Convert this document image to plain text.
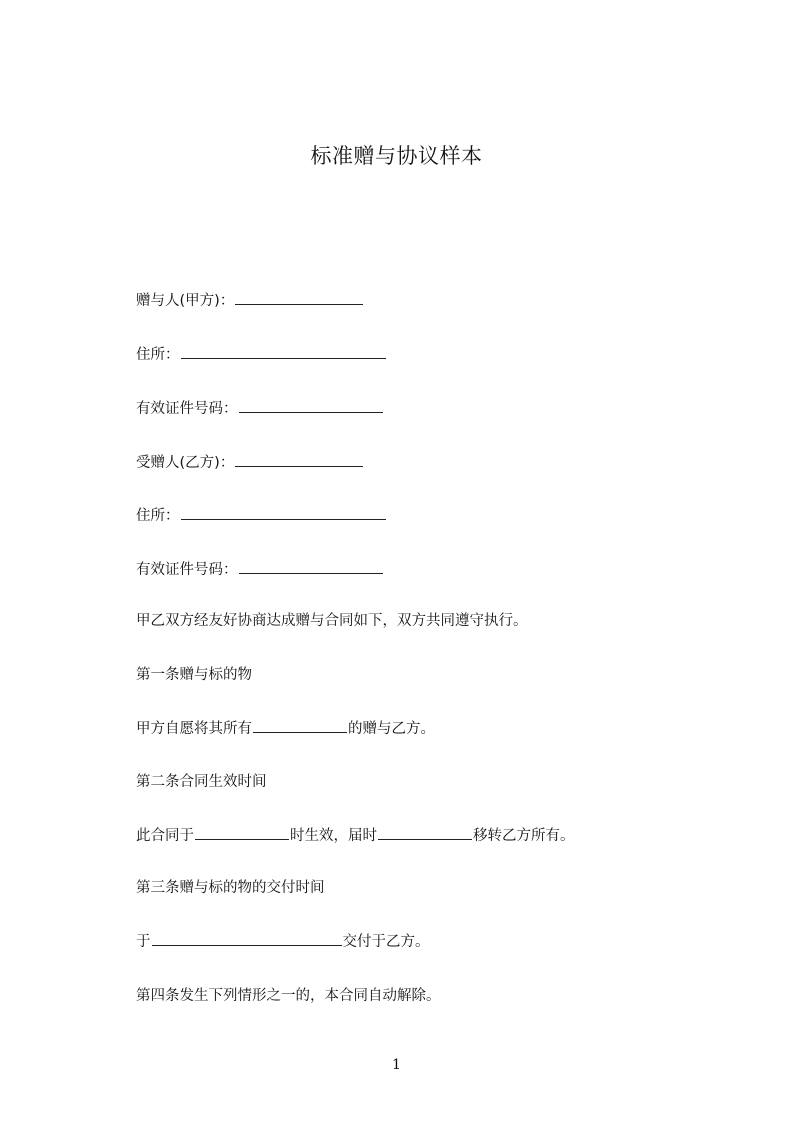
标准赠与协议样本
赠与人(甲方)：
住所：
有效证件号码：
受赠人(乙方)：
住所：
有效证件号码：
甲乙双方经友好协商达成赠与合同如下，双方共同遵守执行。
第一条赠与标的物
甲方自愿将其所有	的赠与乙方。
第二条合同生效时间
此合同于	时生效，届时	移转乙方所有。
第三条赠与标的物的交付时间
于	交付于乙方。
第四条发生下列情形之一的，本合同自动解除。
1
